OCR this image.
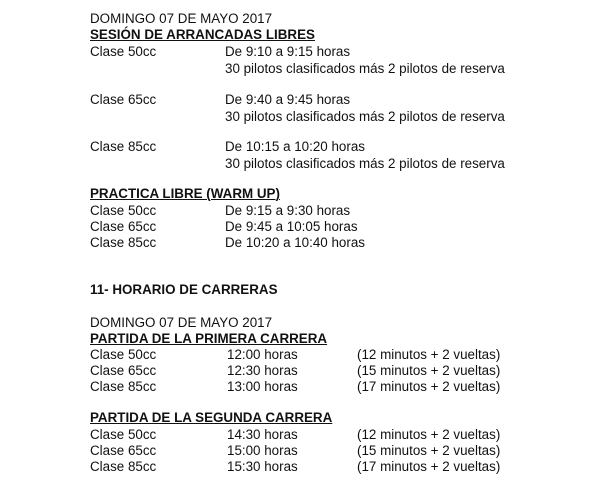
DOMINGO 07 DE MAYO 2017
SESIÓN DE ARRANCADAS LIBRES
Clase 50cc	De 9:10 a 9:15 horas
30 pilotos clasificados más 2 pilotos de reserva
Clase 65cc	De 9:40 a 9:45 horas
30 pilotos clasificados más 2 pilotos de reserva
Clase 85cc	De 10:15 a 10:20 horas
30 pilotos clasificados más 2 pilotos de reserva
PRACTICA LIBRE (WARM UP)
Clase 50cc	De 9:15 a 9:30 horas
Clase 65cc	De 9:45 a 10:05 horas
Clase 85cc	De 10:20 a 10:40 horas
11- HORARIO DE CARRERAS
DOMINGO 07 DE MAYO 2017
PARTIDA DE LA PRIMERA CARRERA
Clase 50cc	12:00 horas	(12 minutos + 2 vueltas)
Clase 65cc	12:30 horas	(15 minutos + 2 vueltas)
Clase 85cc	13:00 horas	(17 minutos + 2 vueltas)
PARTIDA DE LA SEGUNDA CARRERA
Clase 50cc	14:30 horas	(12 minutos + 2 vueltas)
Clase 65cc	15:00 horas	(15 minutos + 2 vueltas)
Clase 85cc	15:30 horas	(17 minutos + 2 vueltas)
